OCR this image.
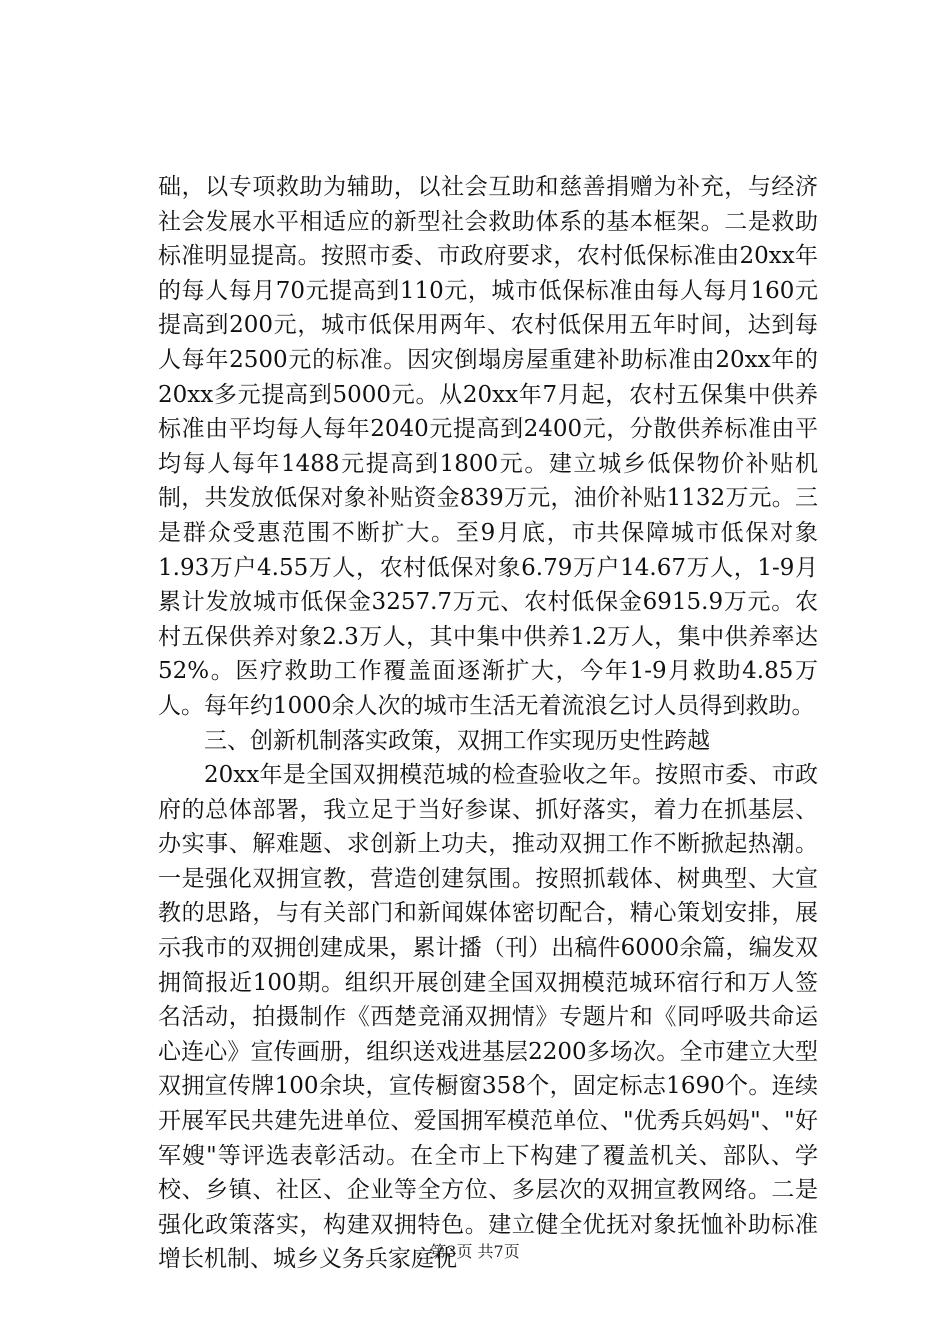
础，以专项救助为辅助，以社会互助和慈善捐赠为补充，与经济社会发展水平相适应的新型社会救助体系的基本框架。二是救助标准明显提高。按照市委、市政府要求，农村低保标准由20xx年的每人每月70元提高到110元，城市低保标准由每人每月160元提高到200元，城市低保用两年、农村低保用五年时间，达到每人每年2500元的标准。因灾倒塌房屋重建补助标准由20xx年的20xx多元提高到5000元。从20xx年7月起，农村五保集中供养标准由平均每人每年2040元提高到2400元，分散供养标准由平均每人每年1488元提高到1800元。建立城乡低保物价补贴机制，共发放低保对象补贴资金839万元，油价补贴1132万元。三是群众受惠范围不断扩大。至9月底，市共保障城市低保对象1.93万户4.55万人，农村低保对象6.79万户14.67万人，1-9月累计发放城市低保金3257.7万元、农村低保金6915.9万元。农村五保供养对象2.3万人，其中集中供养1.2万人，集中供养率达52%。医疗救助工作覆盖面逐渐扩大，今年1-9月救助4.85万人。每年约1000余人次的城市生活无着流浪乞讨人员得到救助。

三、创新机制落实政策，双拥工作实现历史性跨越

20xx年是全国双拥模范城的检查验收之年。按照市委、市政府的总体部署，我立足于当好参谋、抓好落实，着力在抓基层、办实事、解难题、求创新上功夫，推动双拥工作不断掀起热潮。一是强化双拥宣教，营造创建氛围。按照抓载体、树典型、大宣教的思路，与有关部门和新闻媒体密切配合，精心策划安排，展示我市的双拥创建成果，累计播（刊）出稿件6000余篇，编发双拥简报近100期。组织开展创建全国双拥模范城环宿行和万人签名活动，拍摄制作《西楚竞涌双拥情》专题片和《同呼吸共命运心连心》宣传画册，组织送戏进基层2200多场次。全市建立大型双拥宣传牌100余块，宣传橱窗358个，固定标志1690个。连续开展军民共建先进单位、爱国拥军模范单位、"优秀兵妈妈"、"好军嫂"等评选表彰活动。在全市上下构建了覆盖机关、部队、学校、乡镇、社区、企业等全方位、多层次的双拥宣教网络。二是强化政策落实，构建双拥特色。建立健全优抚对象抚恤补助标准增长机制、城乡义务兵家庭优

第3页 共7页
